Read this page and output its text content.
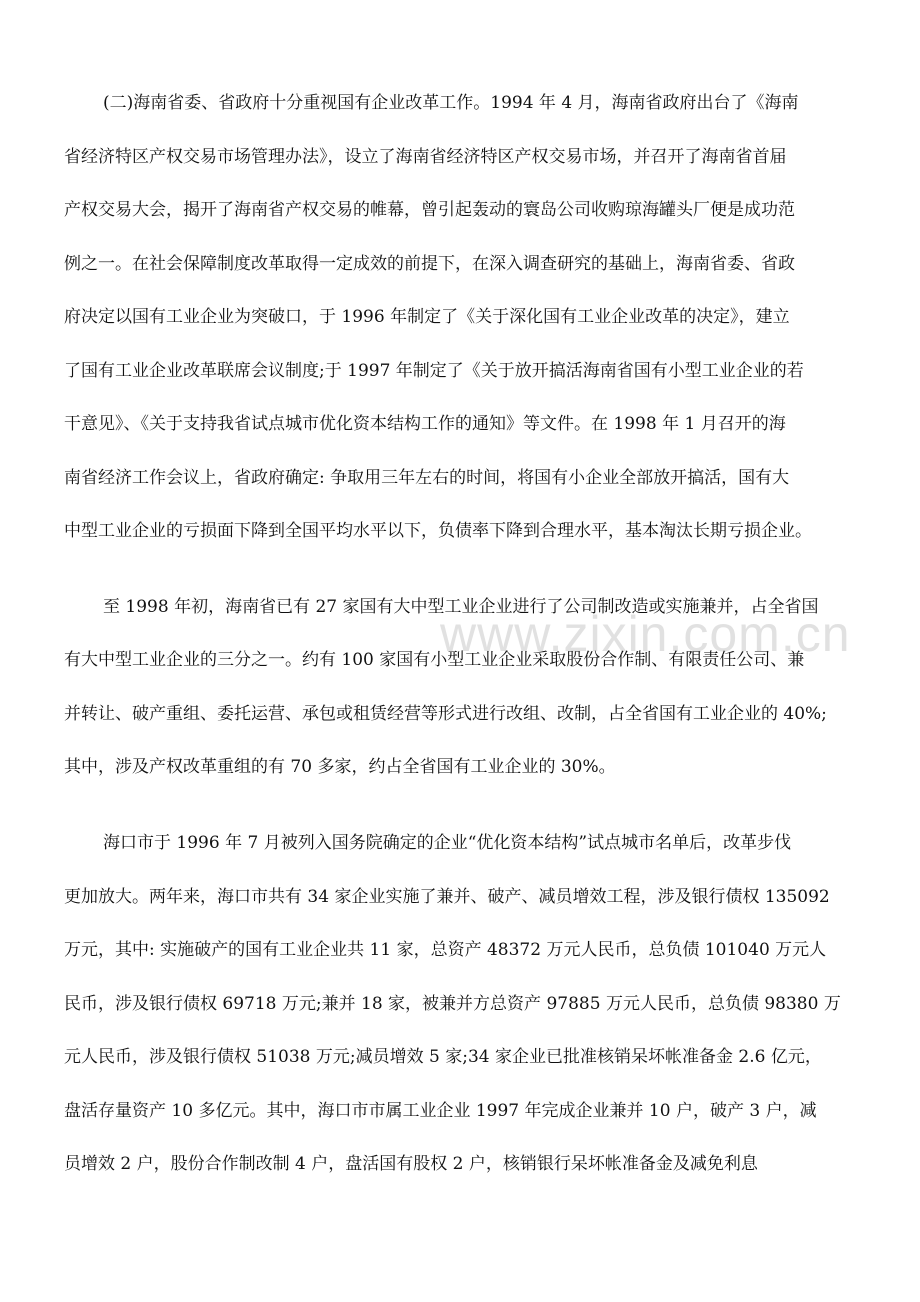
(二)海南省委、省政府十分重视国有企业改革工作。1994 年 4 月，海南省政府出台了《海南
省经济特区产权交易市场管理办法》，设立了海南省经济特区产权交易市场，并召开了海南省首届
产权交易大会，揭开了海南省产权交易的帷幕，曾引起轰动的寰岛公司收购琼海罐头厂便是成功范
例之一。在社会保障制度改革取得一定成效的前提下，在深入调查研究的基础上，海南省委、省政
府决定以国有工业企业为突破口，于 1996 年制定了《关于深化国有工业企业改革的决定》，建立
了国有工业企业改革联席会议制度;于 1997 年制定了《关于放开搞活海南省国有小型工业企业的若
干意见》、《关于支持我省试点城市优化资本结构工作的通知》等文件。在 1998 年 1 月召开的海
南省经济工作会议上，省政府确定: 争取用三年左右的时间，将国有小企业全部放开搞活，国有大
中型工业企业的亏损面下降到全国平均水平以下，负债率下降到合理水平，基本淘汰长期亏损企业。
至 1998 年初，海南省已有 27 家国有大中型工业企业进行了公司制改造或实施兼并，占全省国
有大中型工业企业的三分之一。约有 100 家国有小型工业企业采取股份合作制、有限责任公司、兼
并转让、破产重组、委托运营、承包或租赁经营等形式进行改组、改制，占全省国有工业企业的 40%;
其中，涉及产权改革重组的有 70 多家，约占全省国有工业企业的 30%。
海口市于 1996 年 7 月被列入国务院确定的企业“优化资本结构”试点城市名单后，改革步伐
更加放大。两年来，海口市共有 34 家企业实施了兼并、破产、减员增效工程，涉及银行债权 135092
万元，其中: 实施破产的国有工业企业共 11 家，总资产 48372 万元人民币，总负债 101040 万元人
民币，涉及银行债权 69718 万元;兼并 18 家，被兼并方总资产 97885 万元人民币，总负债 98380 万
元人民币，涉及银行债权 51038 万元;减员增效 5 家;34 家企业已批准核销呆坏帐准备金 2.6 亿元，
盘活存量资产 10 多亿元。其中，海口市市属工业企业 1997 年完成企业兼并 10 户，破产 3 户，减
员增效 2 户，股份合作制改制 4 户，盘活国有股权 2 户，核销银行呆坏帐准备金及减免利息
www.zixin.com.cn
